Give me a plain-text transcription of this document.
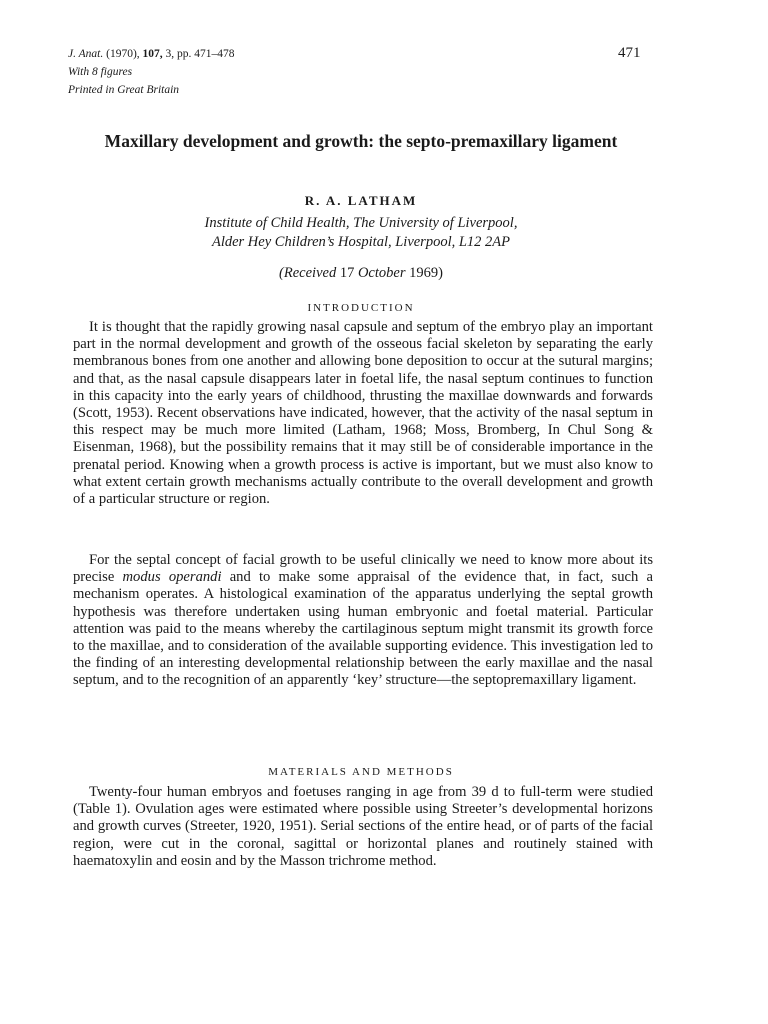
J. Anat. (1970), 107, 3, pp. 471–478
With 8 figures
Printed in Great Britain
471
Maxillary development and growth: the septo-premaxillary ligament
R. A. LATHAM
Institute of Child Health, The University of Liverpool,
Alder Hey Children’s Hospital, Liverpool, L12 2AP
(Received 17 October 1969)
INTRODUCTION

It is thought that the rapidly growing nasal capsule and septum of the embryo play an important part in the normal development and growth of the osseous facial skeleton by separating the early membranous bones from one another and allowing bone deposition to occur at the sutural margins; and that, as the nasal capsule disappears later in foetal life, the nasal septum continues to function in this capacity into the early years of childhood, thrusting the maxillae downwards and forwards (Scott, 1953). Recent observations have indicated, however, that the activity of the nasal septum in this respect may be much more limited (Latham, 1968; Moss, Bromberg, In Chul Song & Eisenman, 1968), but the possibility remains that it may still be of considerable importance in the prenatal period. Knowing when a growth process is active is important, but we must also know to what extent certain growth mechanisms actually contribute to the overall development and growth of a particular structure or region.

For the septal concept of facial growth to be useful clinically we need to know more about its precise modus operandi and to make some appraisal of the evidence that, in fact, such a mechanism operates. A histological examination of the apparatus underlying the septal growth hypothesis was therefore undertaken using human embryonic and foetal material. Particular attention was paid to the means whereby the cartilaginous septum might transmit its growth force to the maxillae, and to consideration of the available supporting evidence. This investigation led to the finding of an interesting developmental relationship between the early maxillae and the nasal septum, and to the recognition of an apparently ‘key’ structure—the septopremaxillary ligament.

MATERIALS AND METHODS

Twenty-four human embryos and foetuses ranging in age from 39 d to full-term were studied (Table 1). Ovulation ages were estimated where possible using Streeter’s developmental horizons and growth curves (Streeter, 1920, 1951). Serial sections of the entire head, or of parts of the facial region, were cut in the coronal, sagittal or horizontal planes and routinely stained with haematoxylin and eosin and by the Masson trichrome method.
